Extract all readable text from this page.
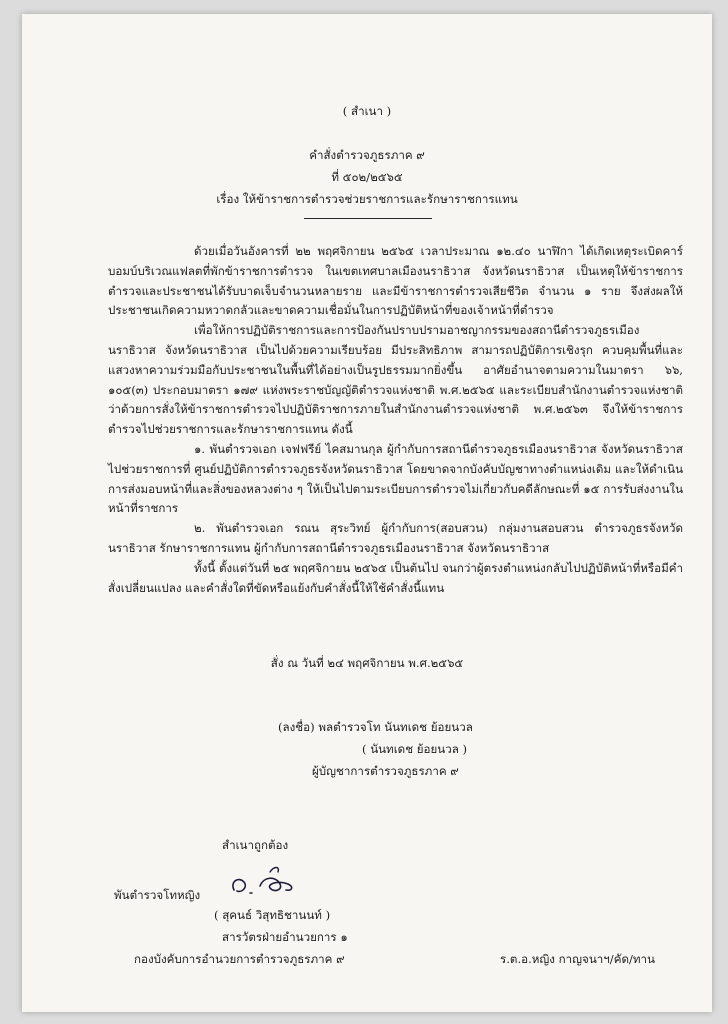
( สำเนา )
คำสั่งตำรวจภูธรภาค ๙
ที่ ๕๐๒/๒๕๖๕
เรื่อง ให้ข้าราชการตำรวจช่วยราชการและรักษาราชการแทน

ด้วยเมื่อวันอังคารที่ ๒๒ พฤศจิกายน ๒๕๖๕ เวลาประมาณ ๑๒.๔๐ นาฬิกา ได้เกิดเหตุระเบิดคาร์บอมบ์บริเวณแฟลตที่พักข้าราชการตำรวจ ในเขตเทศบาลเมืองนราธิวาส จังหวัดนราธิวาส เป็นเหตุให้ข้าราชการตำรวจและประชาชนได้รับบาดเจ็บจำนวนหลายราย และมีข้าราชการตำรวจเสียชีวิต จำนวน ๑ ราย จึงส่งผลให้ประชาชนเกิดความหวาดกลัวและขาดความเชื่อมั่นในการปฏิบัติหน้าที่ของเจ้าหน้าที่ตำรวจ

เพื่อให้การปฏิบัติราชการและการป้องกันปราบปรามอาชญากรรมของสถานีตำรวจภูธรเมืองนราธิวาส จังหวัดนราธิวาส เป็นไปด้วยความเรียบร้อย มีประสิทธิภาพ สามารถปฏิบัติการเชิงรุก ควบคุมพื้นที่และแสวงหาความร่วมมือกับประชาชนในพื้นที่ได้อย่างเป็นรูปธรรมมากยิ่งขึ้น อาศัยอำนาจตามความในมาตรา ๖๖, ๑๐๕(๓) ประกอบมาตรา ๑๗๙ แห่งพระราชบัญญัติตำรวจแห่งชาติ พ.ศ.๒๕๖๕ และระเบียบสำนักงานตำรวจแห่งชาติ ว่าด้วยการสั่งให้ข้าราชการตำรวจไปปฏิบัติราชการภายในสำนักงานตำรวจแห่งชาติ พ.ศ.๒๕๖๓ จึงให้ข้าราชการตำรวจไปช่วยราชการและรักษาราชการแทน ดังนี้

๑. พันตำรวจเอก เจฟฟรีย์ ไคสมานกุล ผู้กำกับการสถานีตำรวจภูธรเมืองนราธิวาส จังหวัดนราธิวาส ไปช่วยราชการที่ ศูนย์ปฏิบัติการตำรวจภูธรจังหวัดนราธิวาส โดยขาดจากบังคับบัญชาทางตำแหน่งเดิม และให้ดำเนินการส่งมอบหน้าที่และสิ่งของหลวงต่าง ๆ ให้เป็นไปตามระเบียบการตำรวจไม่เกี่ยวกับคดีลักษณะที่ ๑๕ การรับส่งงานในหน้าที่ราชการ

๒. พันตำรวจเอก รณน สุระวิทย์ ผู้กำกับการ(สอบสวน) กลุ่มงานสอบสวน ตำรวจภูธรจังหวัดนราธิวาส รักษาราชการแทน ผู้กำกับการสถานีตำรวจภูธรเมืองนราธิวาส จังหวัดนราธิวาส

ทั้งนี้ ตั้งแต่วันที่ ๒๕ พฤศจิกายน ๒๕๖๕ เป็นต้นไป จนกว่าผู้ตรงตำแหน่งกลับไปปฏิบัติหน้าที่หรือมีคำสั่งเปลี่ยนแปลง และคำสั่งใดที่ขัดหรือแย้งกับคำสั่งนี้ให้ใช้คำสั่งนี้แทน

สั่ง ณ วันที่ ๒๔ พฤศจิกายน พ.ศ.๒๕๖๕
(ลงชื่อ) พลตำรวจโท นันทเดช ย้อยนวล
( นันทเดช ย้อยนวล )
ผู้บัญชาการตำรวจภูธรภาค ๙
สำเนาถูกต้อง
พันตำรวจโทหญิง
( สุคนธ์ วิสุทธิชานนท์ )
สารวัตรฝ่ายอำนวยการ ๑
กองบังคับการอำนวยการตำรวจภูธรภาค ๙	ร.ต.อ.หญิง กาญจนาฯ/คัด/ทาน
